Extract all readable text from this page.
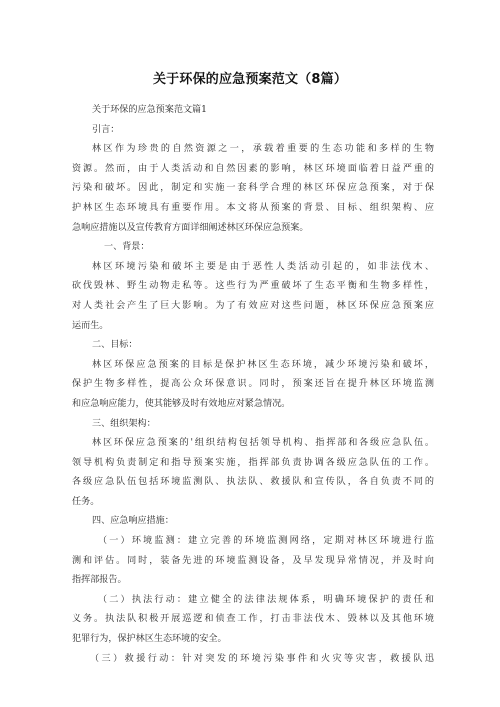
关于环保的应急预案范文（8篇）
关于环保的应急预案范文篇1
引言：
林区作为珍贵的自然资源之一，承载着重要的生态功能和多样的生物
资源。然而，由于人类活动和自然因素的影响，林区环境面临着日益严重的
污染和破坏。因此，制定和实施一套科学合理的林区环保应急预案，对于保
护林区生态环境具有重要作用。本文将从预案的背景、目标、组织架构、应
急响应措施以及宣传教育方面详细阐述林区环保应急预案。
一、背景：
林区环境污染和破坏主要是由于恶性人类活动引起的，如非法伐木、
砍伐毁林、野生动物走私等。这些行为严重破坏了生态平衡和生物多样性，
对人类社会产生了巨大影响。为了有效应对这些问题，林区环保应急预案应
运而生。
二、目标：
林区环保应急预案的目标是保护林区生态环境，减少环境污染和破坏，
保护生物多样性，提高公众环保意识。同时，预案还旨在提升林区环境监测
和应急响应能力，使其能够及时有效地应对紧急情况。
三、组织架构：
林区环保应急预案的'组织结构包括领导机构、指挥部和各级应急队伍。
领导机构负责制定和指导预案实施，指挥部负责协调各级应急队伍的工作。
各级应急队伍包括环境监测队、执法队、救援队和宣传队，各自负责不同的
任务。
四、应急响应措施：
（一）环境监测：建立完善的环境监测网络，定期对林区环境进行监
测和评估。同时，装备先进的环境监测设备，及早发现异常情况，并及时向
指挥部报告。
（二）执法行动：建立健全的法律法规体系，明确环境保护的责任和
义务。执法队积极开展巡逻和侦查工作，打击非法伐木、毁林以及其他环境
犯罪行为，保护林区生态环境的安全。
（三）救援行动：针对突发的环境污染事件和火灾等灾害，救援队迅
